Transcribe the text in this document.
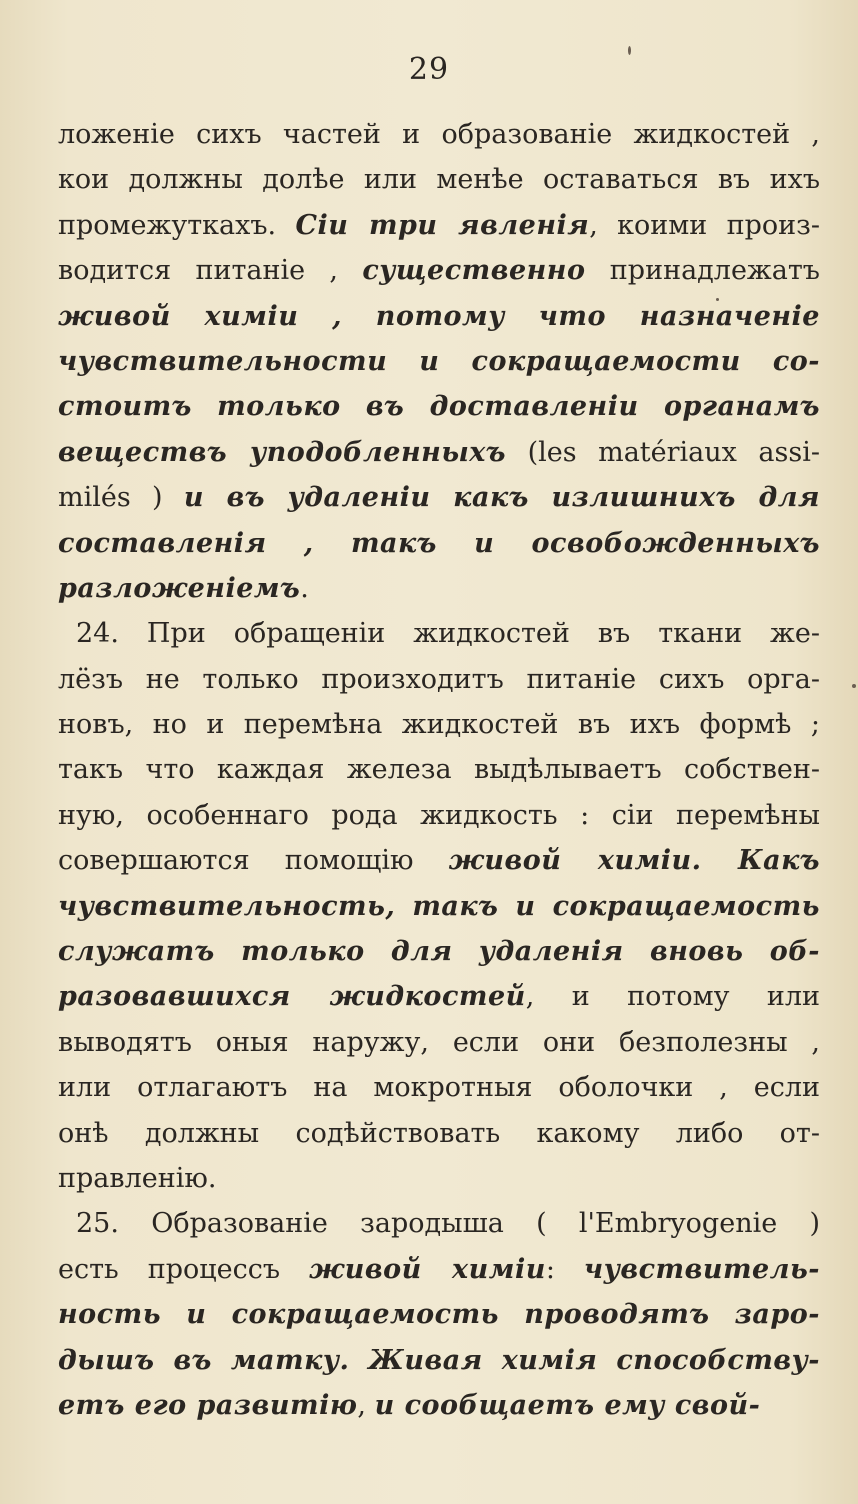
29
ложеніе сихъ частей и образованіе жидкостей ,
кои должны долѣе или менѣе оставаться въ ихъ
промежуткахъ. Сіи три явленія, коими произ-
водится питаніе , существенно принадлежатъ
живой химіи , потому что назначеніе
чувствительности и сокращаемости со-
стоитъ только въ доставленіи органамъ
веществъ уподобленныхъ (les matériaux assi-
milés ) и въ удаленіи какъ излишнихъ для
составленія , такъ и освобожденныхъ
разложеніемъ.
24. При обращеніи жидкостей въ ткани же-
лёзъ не только произходитъ питаніе сихъ орга-
новъ, но и перемѣна жидкостей въ ихъ формѣ ;
такъ что каждая железа выдѣлываетъ собствен-
ную, особеннаго рода жидкость : сіи перемѣны
совершаются помощію живой химіи. Какъ
чувствительность, такъ и сокращаемость
служатъ только для удаленія вновь об-
разовавшихся жидкостей, и потому или
выводятъ оныя наружу, если они безполезны ,
или отлагаютъ на мокротныя оболочки , если
онѣ должны содѣйствовать какому либо от-
правленію.
25. Образованіе зародыша ( l'Embryogenie )
есть процессъ живой химіи: чувствитель-
ность и сокращаемость проводятъ заро-
дышъ въ матку. Живая химія способству-
етъ его развитію, и сообщаетъ ему свой-
